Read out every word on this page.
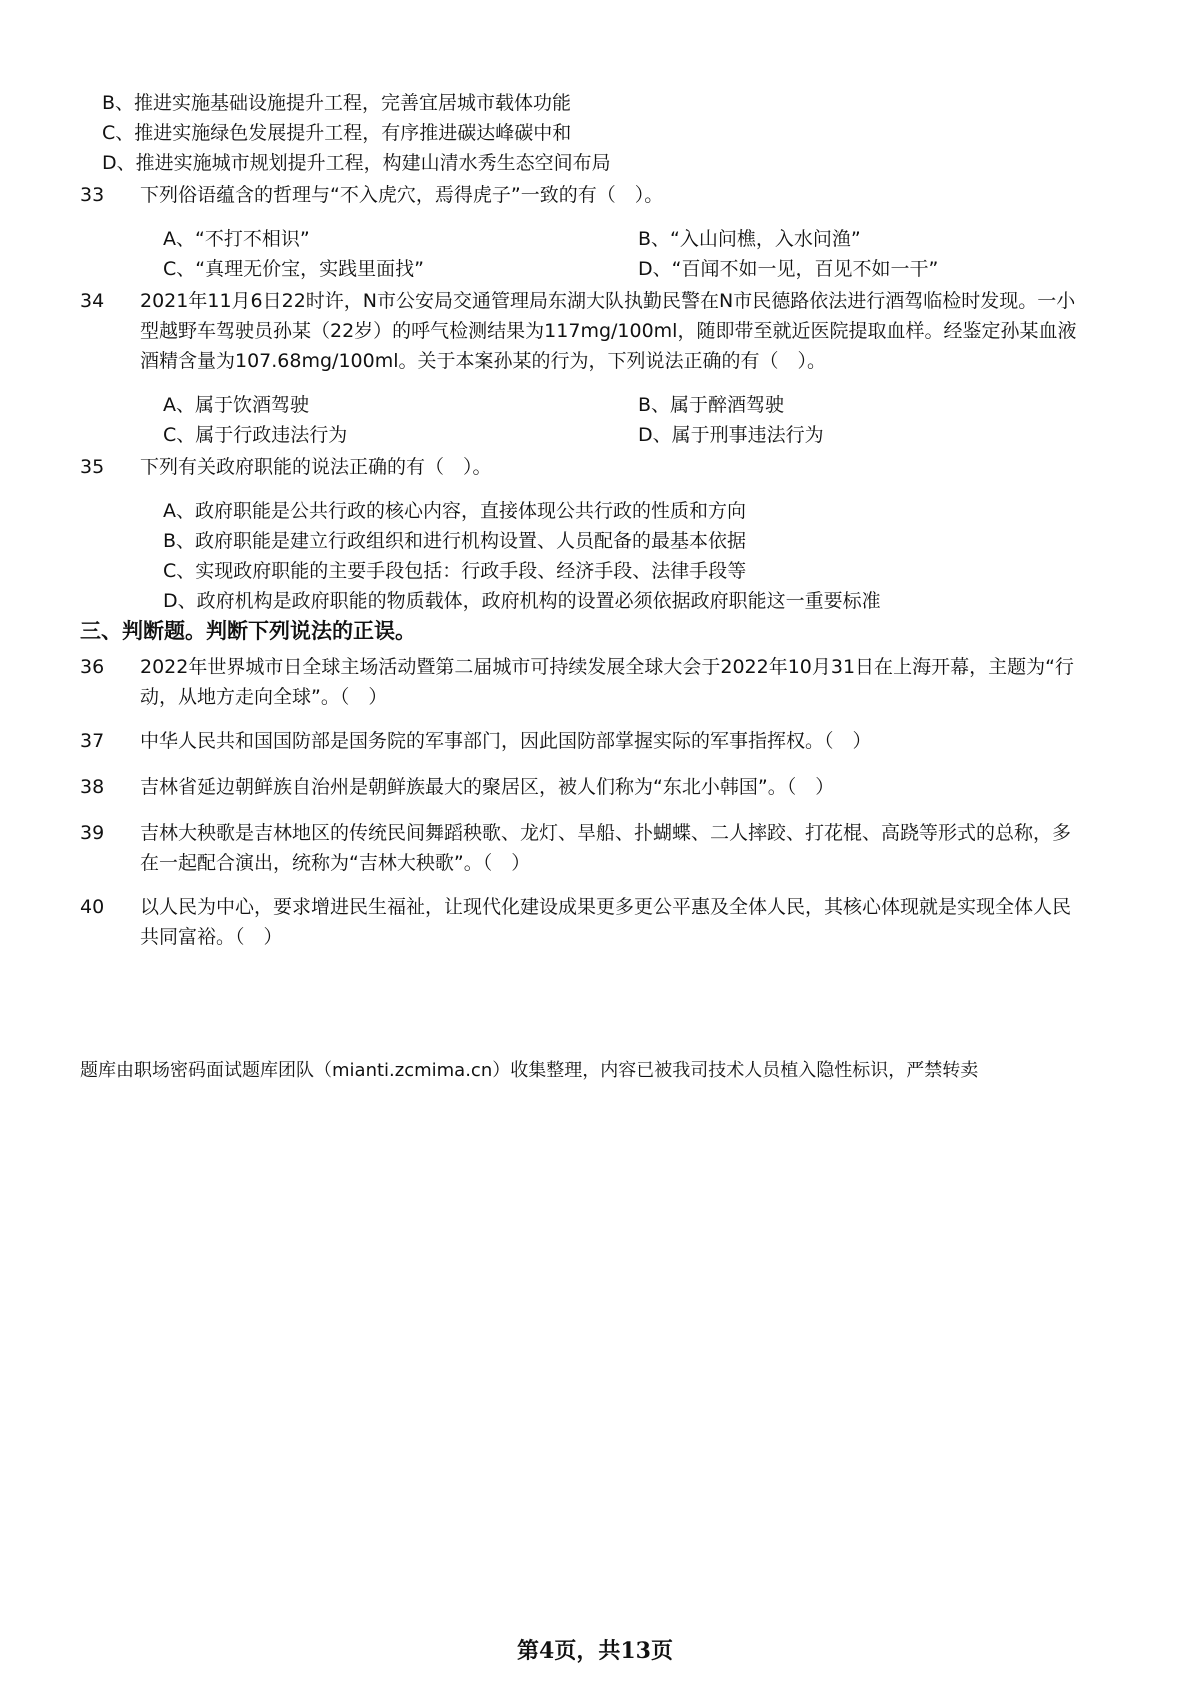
B、推进实施基础设施提升工程，完善宜居城市载体功能
C、推进实施绿色发展提升工程，有序推进碳达峰碳中和
D、推进实施城市规划提升工程，构建山清水秀生态空间布局
33	下列俗语蕴含的哲理与“不入虎穴，焉得虎子”一致的有（　）。
A、“不打不相识”	B、“入山问樵，入水问渔”
C、“真理无价宝，实践里面找”	D、“百闻不如一见，百见不如一干”
34	2021年11月6日22时许，N市公安局交通管理局东湖大队执勤民警在N市民德路依法进行酒驾临检时发现。一小型越野车驾驶员孙某（22岁）的呼气检测结果为117mg/100ml，随即带至就近医院提取血样。经鉴定孙某血液酒精含量为107.68mg/100ml。关于本案孙某的行为，下列说法正确的有（　）。
A、属于饮酒驾驶	B、属于醉酒驾驶
C、属于行政违法行为	D、属于刑事违法行为
35	下列有关政府职能的说法正确的有（　）。
A、政府职能是公共行政的核心内容，直接体现公共行政的性质和方向
B、政府职能是建立行政组织和进行机构设置、人员配备的最基本依据
C、实现政府职能的主要手段包括：行政手段、经济手段、法律手段等
D、政府机构是政府职能的物质载体，政府机构的设置必须依据政府职能这一重要标准
三、判断题。判断下列说法的正误。
36	2022年世界城市日全球主场活动暨第二届城市可持续发展全球大会于2022年10月31日在上海开幕，主题为“行动，从地方走向全球”。（　）
37	中华人民共和国国防部是国务院的军事部门，因此国防部掌握实际的军事指挥权。（　）
38	吉林省延边朝鲜族自治州是朝鲜族最大的聚居区，被人们称为“东北小韩国”。（　）
39	吉林大秧歌是吉林地区的传统民间舞蹈秧歌、龙灯、旱船、扑蝴蝶、二人摔跤、打花棍、高跷等形式的总称，多在一起配合演出，统称为“吉林大秧歌”。（　）
40	以人民为中心，要求增进民生福祉，让现代化建设成果更多更公平惠及全体人民，其核心体现就是实现全体人民共同富裕。（　）
题库由职场密码面试题库团队（mianti.zcmima.cn）收集整理，内容已被我司技术人员植入隐性标识，严禁转卖
第4页，共13页
